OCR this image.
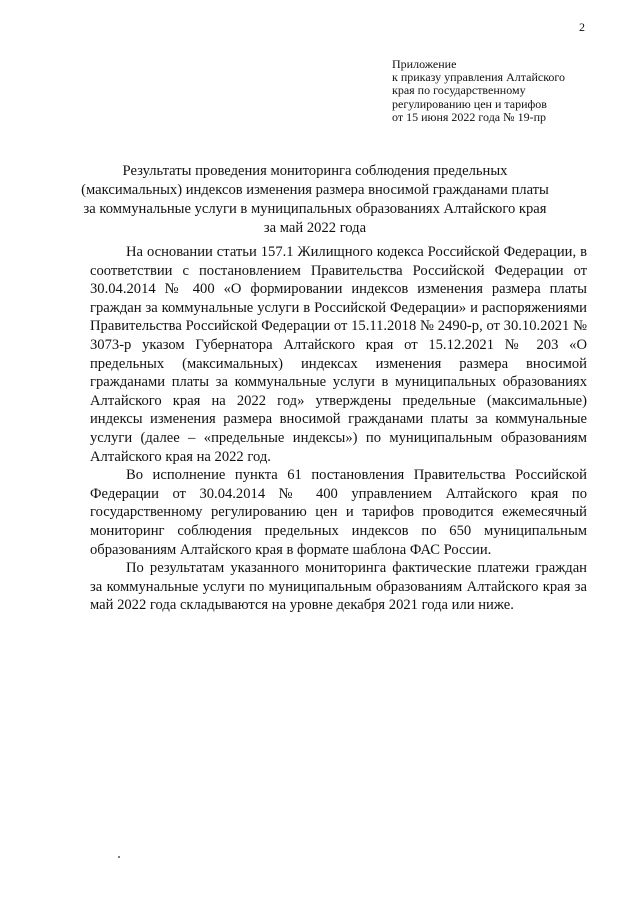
2
Приложение
к приказу управления Алтайского
края по государственному
регулированию цен и тарифов
от 15 июня 2022 года № 19-пр
Результаты проведения мониторинга соблюдения предельных
(максимальных) индексов изменения размера вносимой гражданами платы
за коммунальные услуги в муниципальных образованиях Алтайского края
за май 2022 года

На основании статьи 157.1 Жилищного кодекса Российской Федерации, в соответствии с постановлением Правительства Российской Федерации от 30.04.2014 № 400 «О формировании индексов изменения размера платы граждан за коммунальные услуги в Российской Федерации» и распоряжениями Правительства Российской Федерации от 15.11.2018 № 2490-р, от 30.10.2021 № 3073-р указом Губернатора Алтайского края от 15.12.2021 № 203 «О предельных (максимальных) индексах изменения размера вносимой гражданами платы за коммунальные услуги в муниципальных образованиях Алтайского края на 2022 год» утверждены предельные (максимальные) индексы изменения размера вносимой гражданами платы за коммунальные услуги (далее – «предельные индексы») по муниципальным образованиям Алтайского края на 2022 год.

Во исполнение пункта 61 постановления Правительства Российской Федерации от 30.04.2014 № 400 управлением Алтайского края по государственному регулированию цен и тарифов проводится ежемесячный мониторинг соблюдения предельных индексов по 650 муниципальным образованиям Алтайского края в формате шаблона ФАС России.

По результатам указанного мониторинга фактические платежи граждан за коммунальные услуги по муниципальным образованиям Алтайского края за май 2022 года складываются на уровне декабря 2021 года или ниже.
